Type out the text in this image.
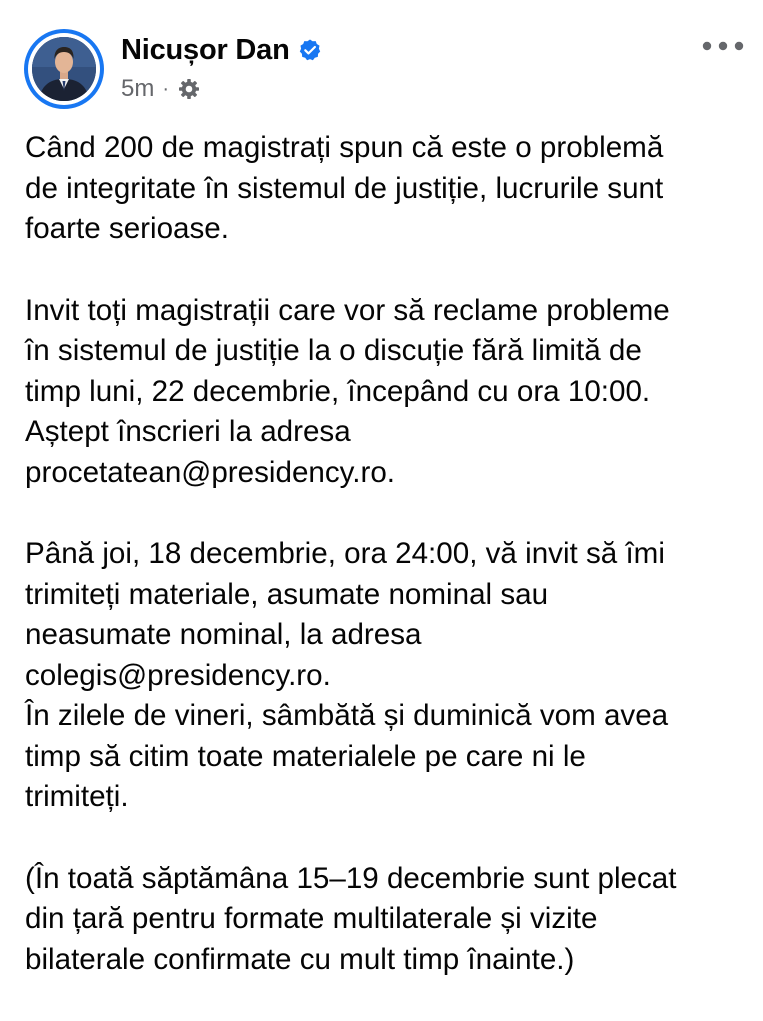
Nicușor Dan
5m ·
Când 200 de magistrați spun că este o problemă
de integritate în sistemul de justiție, lucrurile sunt
foarte serioase.
Invit toți magistrații care vor să reclame probleme
în sistemul de justiție la o discuție fără limită de
timp luni, 22 decembrie, începând cu ora 10:00.
Aștept înscrieri la adresa
procetatean@presidency.ro.
Până joi, 18 decembrie, ora 24:00, vă invit să îmi
trimiteți materiale, asumate nominal sau
neasumate nominal, la adresa
colegis@presidency.ro.
În zilele de vineri, sâmbătă și duminică vom avea
timp să citim toate materialele pe care ni le
trimiteți.
(În toată săptămâna 15–19 decembrie sunt plecat
din țară pentru formate multilaterale și vizite
bilaterale confirmate cu mult timp înainte.)
